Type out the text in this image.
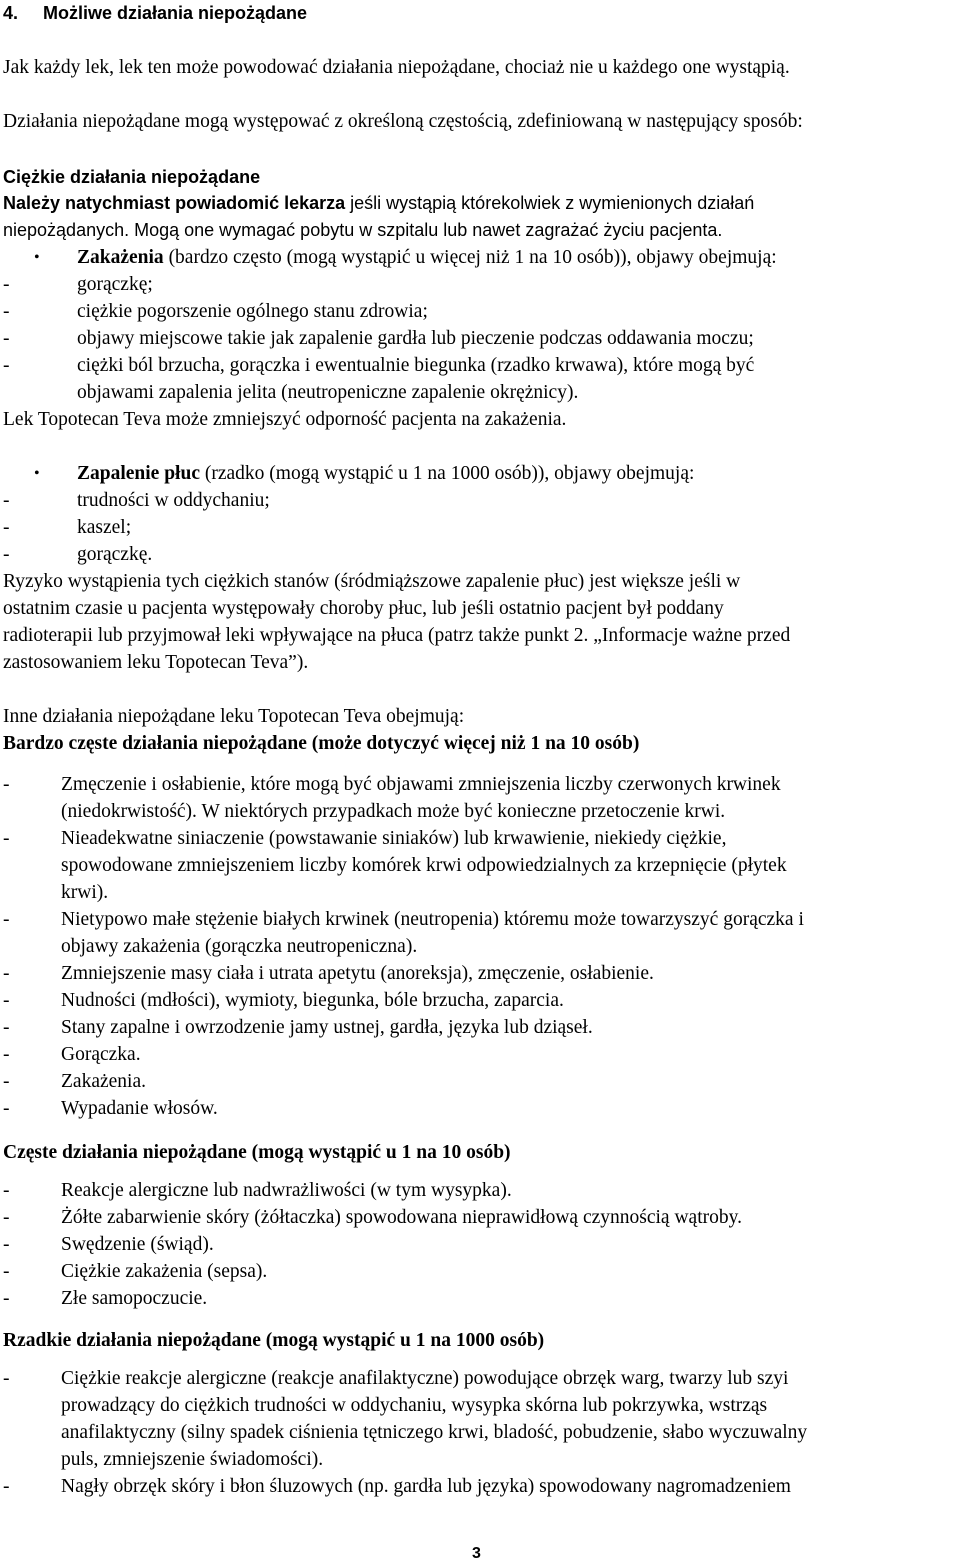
4.     Możliwe działania niepożądane
Jak każdy lek, lek ten może powodować działania niepożądane, chociaż nie u każdego one wystąpią.
Działania niepożądane mogą występować z określoną częstością, zdefiniowaną w następujący sposób:
Ciężkie działania niepożądane
Należy natychmiast powiadomić lekarza jeśli wystąpią którekolwiek z wymienionych działań
niepożądanych. Mogą one wymagać pobytu w szpitalu lub nawet zagrażać życiu pacjenta.
• Zakażenia (bardzo często (mogą wystąpić u więcej niż 1 na 10 osób)), objawy obejmują:
-	gorączkę;
-	ciężkie pogorszenie ogólnego stanu zdrowia;
-	objawy miejscowe takie jak zapalenie gardła lub pieczenie podczas oddawania moczu;
-	ciężki ból brzucha, gorączka i ewentualnie biegunka (rzadko krwawa), które mogą być
objawami zapalenia jelita (neutropeniczne zapalenie okrężnicy).
Lek Topotecan Teva może zmniejszyć odporność pacjenta na zakażenia.
• Zapalenie płuc (rzadko (mogą wystąpić u 1 na 1000 osób)), objawy obejmują:
-	trudności w oddychaniu;
-	kaszel;
-	gorączkę.
Ryzyko wystąpienia tych ciężkich stanów (śródmiąższowe zapalenie płuc) jest większe jeśli w
ostatnim czasie u pacjenta występowały choroby płuc, lub jeśli ostatnio pacjent był poddany
radioterapii lub przyjmował leki wpływające na płuca (patrz także punkt 2. „Informacje ważne przed
zastosowaniem leku Topotecan Teva”).
Inne działania niepożądane leku Topotecan Teva obejmują:
Bardzo częste działania niepożądane (może dotyczyć więcej niż 1 na 10 osób)
-	Zmęczenie i osłabienie, które mogą być objawami zmniejszenia liczby czerwonych krwinek
(niedokrwistość). W niektórych przypadkach może być konieczne przetoczenie krwi.
-	Nieadekwatne siniaczenie (powstawanie siniaków) lub krwawienie, niekiedy ciężkie,
spowodowane zmniejszeniem liczby komórek krwi odpowiedzialnych za krzepnięcie (płytek
krwi).
-	Nietypowo małe stężenie białych krwinek (neutropenia) któremu może towarzyszyć gorączka i
objawy zakażenia (gorączka neutropeniczna).
-	Zmniejszenie masy ciała i utrata apetytu (anoreksja), zmęczenie, osłabienie.
-	Nudności (mdłości), wymioty, biegunka, bóle brzucha, zaparcia.
-	Stany zapalne i owrzodzenie jamy ustnej, gardła, języka lub dziąseł.
-	Gorączka.
-	Zakażenia.
-	Wypadanie włosów.
Częste działania niepożądane (mogą wystąpić u 1 na 10 osób)
-	Reakcje alergiczne lub nadwrażliwości (w tym wysypka).
-	Żółte zabarwienie skóry (żółtaczka) spowodowana nieprawidłową czynnością wątroby.
-	Swędzenie (świąd).
-	Ciężkie zakażenia (sepsa).
-	Złe samopoczucie.
Rzadkie działania niepożądane (mogą wystąpić u 1 na 1000 osób)
-	Ciężkie reakcje alergiczne (reakcje anafilaktyczne) powodujące obrzęk warg, twarzy lub szyi
prowadzący do ciężkich trudności w oddychaniu, wysypka skórna lub pokrzywka, wstrząs
anafilaktyczny (silny spadek ciśnienia tętniczego krwi, bladość, pobudzenie, słabo wyczuwalny
puls, zmniejszenie świadomości).
-	Nagły obrzęk skóry i błon śluzowych (np. gardła lub języka) spowodowany nagromadzeniem
3
